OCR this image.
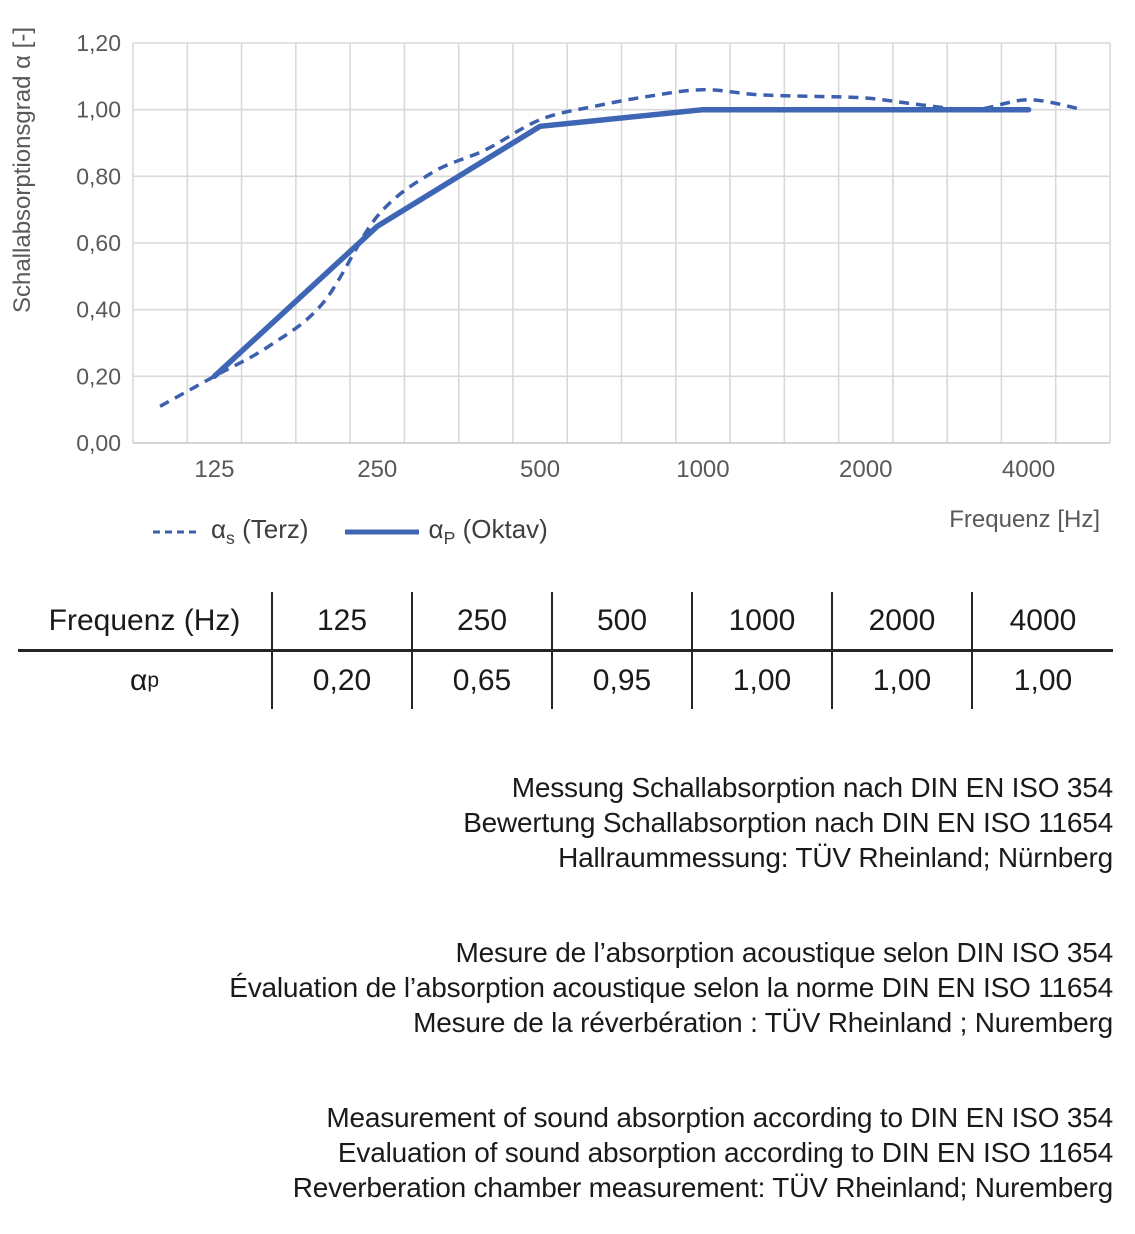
0,00
0,20
0,40
0,60
0,80
1,00
1,20
125	250	500	1000	2000	4000
Schallabsorptionsgrad α [-]
Frequenz [Hz]
$\alpha_s$ (Terz)	$\alpha_P$ (Oktav)
Frequenz (Hz)	125	250	500	1000	2000	4000
α p	0,20	0,65	0,95	1,00	1,00	1,00
Messung Schallabsorption nach DIN EN ISO 354
Bewertung Schallabsorption nach DIN EN ISO 11654
Hallraummessung: TÜV Rheinland; Nürnberg
Mesure de l’absorption acoustique selon DIN ISO 354
Évaluation de l’absorption acoustique selon la norme DIN EN ISO 11654
Mesure de la réverbération : TÜV Rheinland ; Nuremberg
Measurement of sound absorption according to DIN EN ISO 354
Evaluation of sound absorption according to DIN EN ISO 11654
Reverberation chamber measurement: TÜV Rheinland; Nuremberg
